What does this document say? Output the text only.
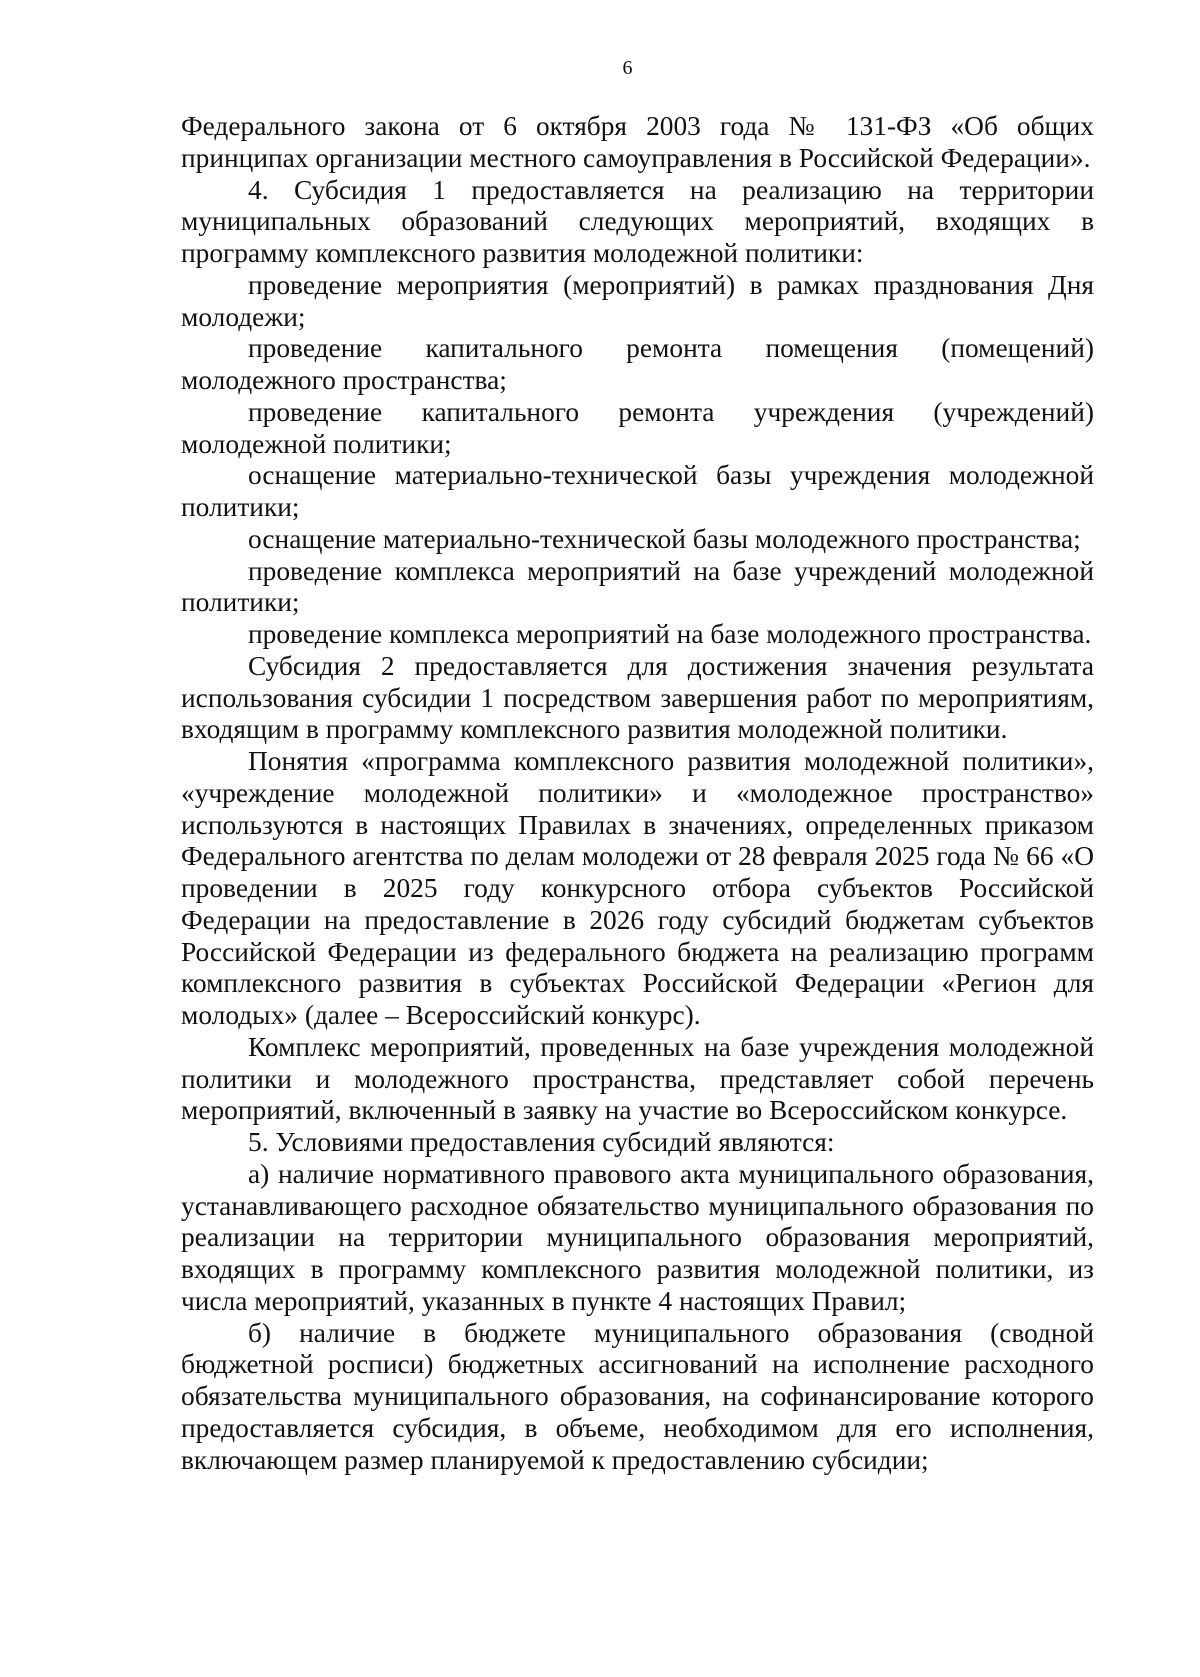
6

Федерального закона от 6 октября 2003 года № 131-ФЗ «Об общих принципах организации местного самоуправления в Российской Федерации».

4. Субсидия 1 предоставляется на реализацию на территории муниципальных образований следующих мероприятий, входящих в программу комплексного развития молодежной политики:

проведение мероприятия (мероприятий) в рамках празднования Дня молодежи;

проведение капитального ремонта помещения (помещений) молодежного пространства;

проведение капитального ремонта учреждения (учреждений) молодежной политики;

оснащение материально-технической базы учреждения молодежной политики;

оснащение материально-технической базы молодежного пространства;

проведение комплекса мероприятий на базе учреждений молодежной политики;

проведение комплекса мероприятий на базе молодежного пространства.

Субсидия 2 предоставляется для достижения значения результата использования субсидии 1 посредством завершения работ по мероприятиям, входящим в программу комплексного развития молодежной политики.

Понятия «программа комплексного развития молодежной политики», «учреждение молодежной политики» и «молодежное пространство» используются в настоящих Правилах в значениях, определенных приказом Федерального агентства по делам молодежи от 28 февраля 2025 года № 66 «О проведении в 2025 году конкурсного отбора субъектов Российской Федерации на предоставление в 2026 году субсидий бюджетам субъектов Российской Федерации из федерального бюджета на реализацию программ комплексного развития в субъектах Российской Федерации «Регион для молодых» (далее – Всероссийский конкурс).

Комплекс мероприятий, проведенных на базе учреждения молодежной политики и молодежного пространства, представляет собой перечень мероприятий, включенный в заявку на участие во Всероссийском конкурсе.

5. Условиями предоставления субсидий являются:

а) наличие нормативного правового акта муниципального образования, устанавливающего расходное обязательство муниципального образования по реализации на территории муниципального образования мероприятий, входящих в программу комплексного развития молодежной политики, из числа мероприятий, указанных в пункте 4 настоящих Правил;

б) наличие в бюджете муниципального образования (сводной бюджетной росписи) бюджетных ассигнований на исполнение расходного обязательства муниципального образования, на софинансирование которого предоставляется субсидия, в объеме, необходимом для его исполнения, включающем размер планируемой к предоставлению субсидии;
